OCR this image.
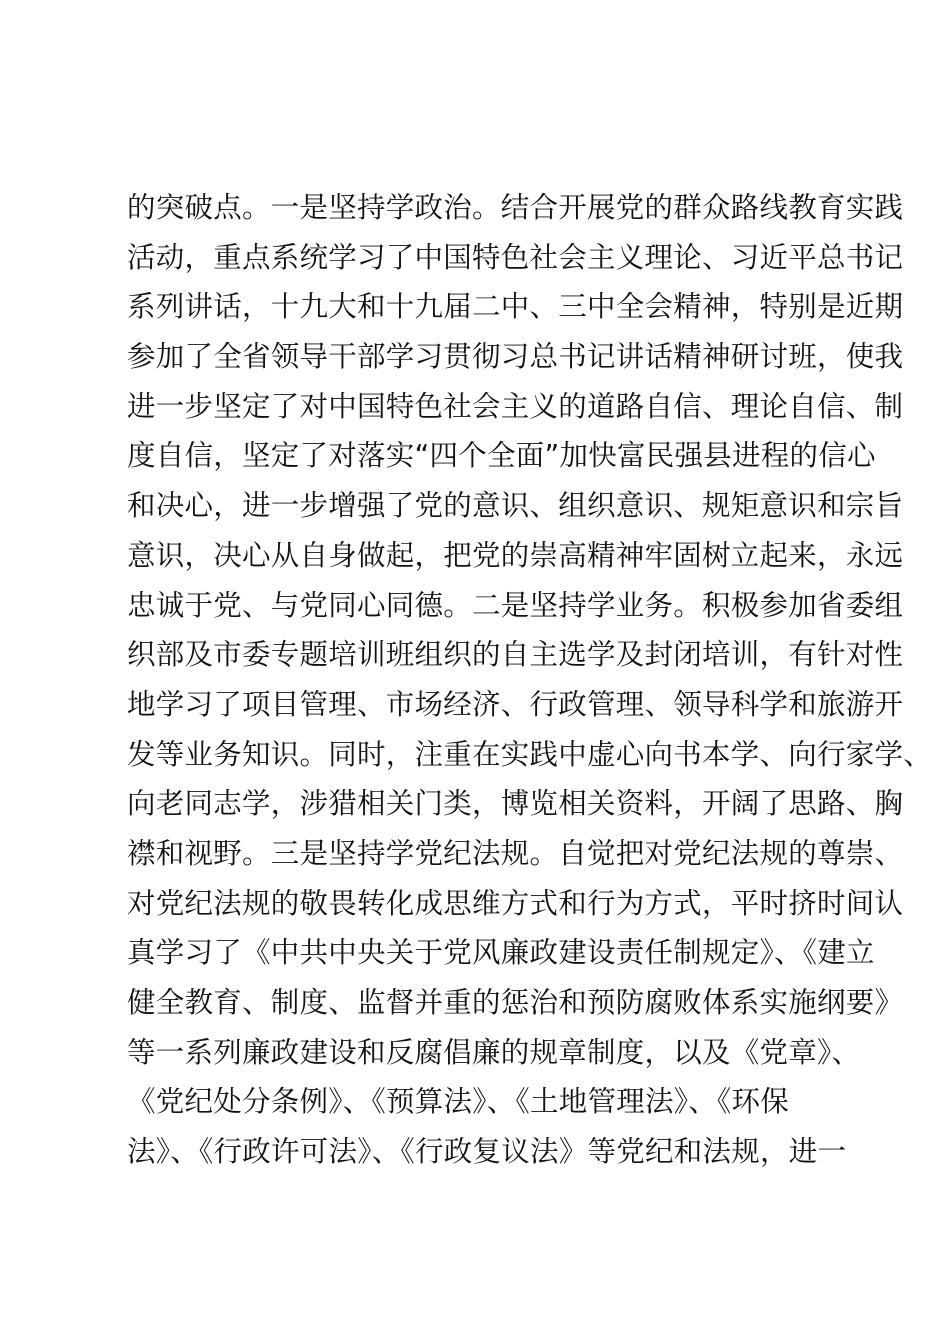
的突破点。一是坚持学政治。结合开展党的群众路线教育实践
活动，重点系统学习了中国特色社会主义理论、习近平总书记
系列讲话，十九大和十九届二中、三中全会精神，特别是近期
参加了全省领导干部学习贯彻习总书记讲话精神研讨班，使我
进一步坚定了对中国特色社会主义的道路自信、理论自信、制
度自信，坚定了对落实“四个全面”加快富民强县进程的信心
和决心，进一步增强了党的意识、组织意识、规矩意识和宗旨
意识，决心从自身做起，把党的崇高精神牢固树立起来，永远
忠诚于党、与党同心同德。二是坚持学业务。积极参加省委组
织部及市委专题培训班组织的自主选学及封闭培训，有针对性
地学习了项目管理、市场经济、行政管理、领导科学和旅游开
发等业务知识。同时，注重在实践中虚心向书本学、向行家学、
向老同志学，涉猎相关门类，博览相关资料，开阔了思路、胸
襟和视野。三是坚持学党纪法规。自觉把对党纪法规的尊崇、
对党纪法规的敬畏转化成思维方式和行为方式，平时挤时间认
真学习了《中共中央关于党风廉政建设责任制规定》、《建立
健全教育、制度、监督并重的惩治和预防腐败体系实施纲要》
等一系列廉政建设和反腐倡廉的规章制度，以及《党章》、
《党纪处分条例》、《预算法》、《土地管理法》、《环保
法》、《行政许可法》、《行政复议法》等党纪和法规，进一
